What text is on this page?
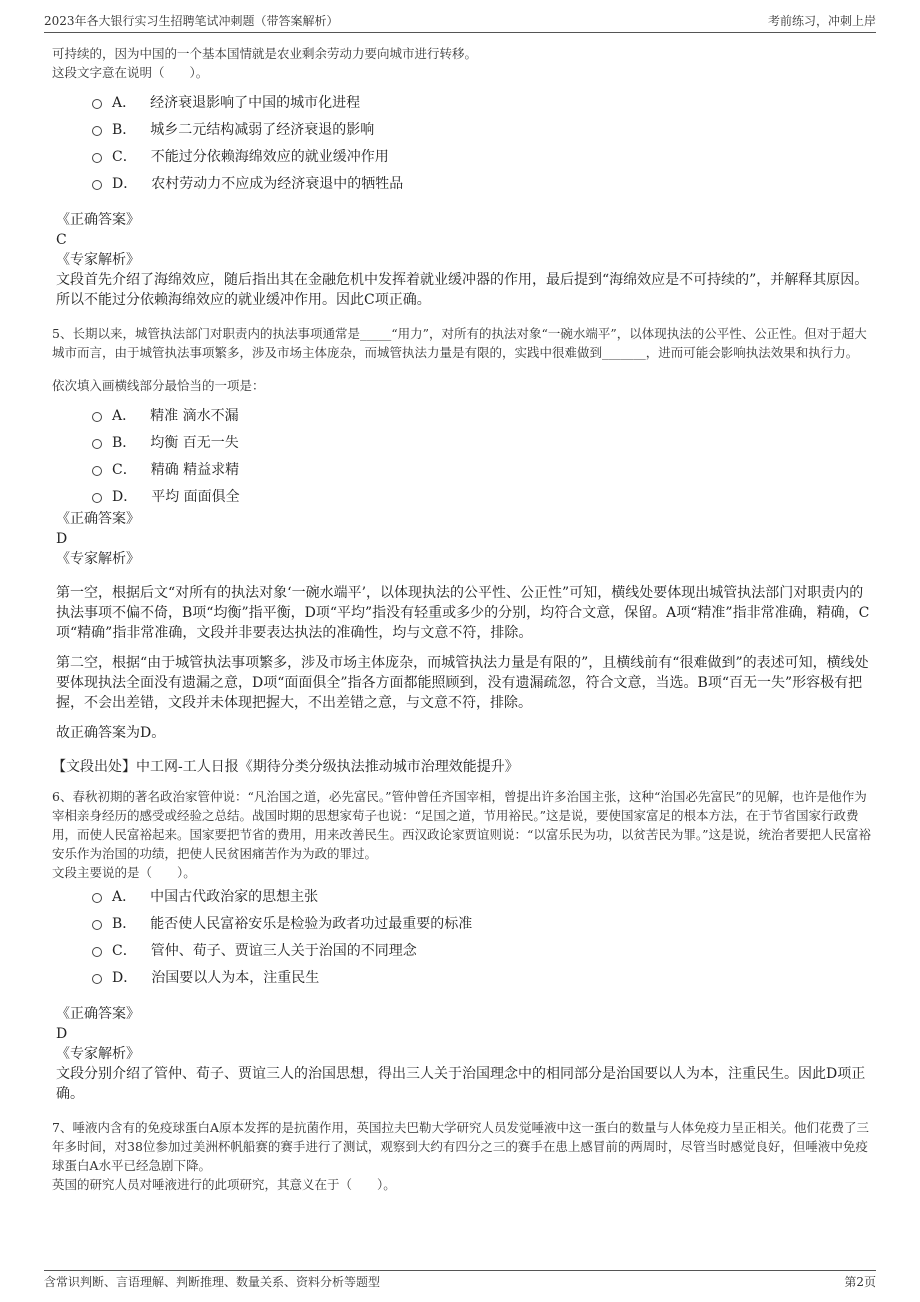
2023年各大银行实习生招聘笔试冲刺题（带答案解析）	考前练习，冲刺上岸

可持续的，因为中国的一个基本国情就是农业剩余劳动力要向城市进行转移。

这段文字意在说明（　　）。

A． 经济衰退影响了中国的城市化进程
B． 城乡二元结构减弱了经济衰退的影响
C． 不能过分依赖海绵效应的就业缓冲作用
D． 农村劳动力不应成为经济衰退中的牺牲品

《正确答案》

C

《专家解析》

文段首先介绍了海绵效应，随后指出其在金融危机中发挥着就业缓冲器的作用，最后提到“海绵效应是不可持续的”，并解释其原因。所以不能过分依赖海绵效应的就业缓冲作用。因此C项正确。

5、长期以来，城管执法部门对职责内的执法事项通常是_____“用力”，对所有的执法对象“一碗水端平”，以体现执法的公平性、公正性。但对于超大城市而言，由于城管执法事项繁多，涉及市场主体庞杂，而城管执法力量是有限的，实践中很难做到_______，进而可能会影响执法效果和执行力。

依次填入画横线部分最恰当的一项是：

A． 精准 滴水不漏
B． 均衡 百无一失
C． 精确 精益求精
D． 平均 面面俱全

《正确答案》

D

《专家解析》

第一空，根据后文“对所有的执法对象‘一碗水端平’，以体现执法的公平性、公正性”可知，横线处要体现出城管执法部门对职责内的执法事项不偏不倚，B项“均衡”指平衡，D项“平均”指没有轻重或多少的分别，均符合文意，保留。A项“精准”指非常准确，精确，C项“精确”指非常准确，文段并非要表达执法的准确性，均与文意不符，排除。

第二空，根据“由于城管执法事项繁多，涉及市场主体庞杂，而城管执法力量是有限的”，且横线前有“很难做到”的表述可知，横线处要体现执法全面没有遗漏之意，D项“面面俱全”指各方面都能照顾到，没有遗漏疏忽，符合文意，当选。B项“百无一失”形容极有把握，不会出差错，文段并未体现把握大，不出差错之意，与文意不符，排除。

故正确答案为D。

【文段出处】中工网-工人日报《期待分类分级执法推动城市治理效能提升》

6、春秋初期的著名政治家管仲说：“凡治国之道，必先富民。”管仲曾任齐国宰相，曾提出许多治国主张，这种“治国必先富民”的见解，也许是他作为宰相亲身经历的感受或经验之总结。战国时期的思想家荀子也说：“足国之道，节用裕民。”这是说，要使国家富足的根本方法，在于节省国家行政费用，而使人民富裕起来。国家要把节省的费用，用来改善民生。西汉政论家贾谊则说：“以富乐民为功，以贫苦民为罪。”这是说，统治者要把人民富裕安乐作为治国的功绩，把使人民贫困痛苦作为为政的罪过。

文段主要说的是（　　）。

A． 中国古代政治家的思想主张
B． 能否使人民富裕安乐是检验为政者功过最重要的标准
C． 管仲、荀子、贾谊三人关于治国的不同理念
D． 治国要以人为本，注重民生

《正确答案》

D

《专家解析》

文段分别介绍了管仲、荀子、贾谊三人的治国思想，得出三人关于治国理念中的相同部分是治国要以人为本，注重民生。因此D项正确。

7、唾液内含有的免疫球蛋白A原本发挥的是抗菌作用，英国拉夫巴勒大学研究人员发觉唾液中这一蛋白的数量与人体免疫力呈正相关。他们花费了三年多时间，对38位参加过美洲杯帆船赛的赛手进行了测试，观察到大约有四分之三的赛手在患上感冒前的两周时，尽管当时感觉良好，但唾液中免疫球蛋白A水平已经急剧下降。

英国的研究人员对唾液进行的此项研究，其意义在于（　　）。

含常识判断、言语理解、判断推理、数量关系、资料分析等题型	第2页
